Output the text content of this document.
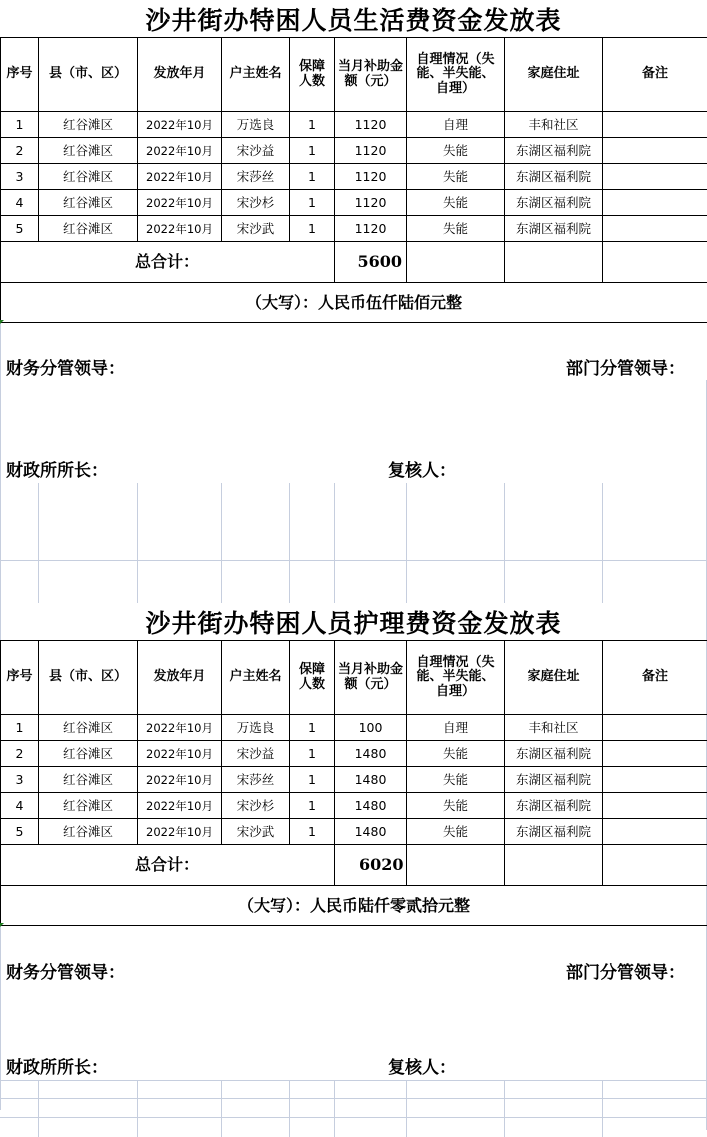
沙井街办特困人员生活费资金发放表
序号	县（市、区）	发放年月	户主姓名	保障人数	当月补助金额（元）	自理情况（失能、半失能、自理）	家庭住址	备注
1	红谷滩区	2022年10月	万选良	1	1120	自理	丰和社区	
2	红谷滩区	2022年10月	宋沙益	1	1120	失能	东湖区福利院	
3	红谷滩区	2022年10月	宋莎丝	1	1120	失能	东湖区福利院	
4	红谷滩区	2022年10月	宋沙杉	1	1120	失能	东湖区福利院	
5	红谷滩区	2022年10月	宋沙武	1	1120	失能	东湖区福利院	
总合计：					5600			
（大写）：人民币伍仟陆佰元整								
财务分管领导：	部门分管领导：
财政所所长：	复核人：
沙井街办特困人员护理费资金发放表
序号	县（市、区）	发放年月	户主姓名	保障人数	当月补助金额（元）	自理情况（失能、半失能、自理）	家庭住址	备注
1	红谷滩区	2022年10月	万选良	1	100	自理	丰和社区	
2	红谷滩区	2022年10月	宋沙益	1	1480	失能	东湖区福利院	
3	红谷滩区	2022年10月	宋莎丝	1	1480	失能	东湖区福利院	
4	红谷滩区	2022年10月	宋沙杉	1	1480	失能	东湖区福利院	
5	红谷滩区	2022年10月	宋沙武	1	1480	失能	东湖区福利院	
总合计：					6020			
（大写）：人民币陆仟零贰拾元整								
财务分管领导：	部门分管领导：
财政所所长：	复核人：
